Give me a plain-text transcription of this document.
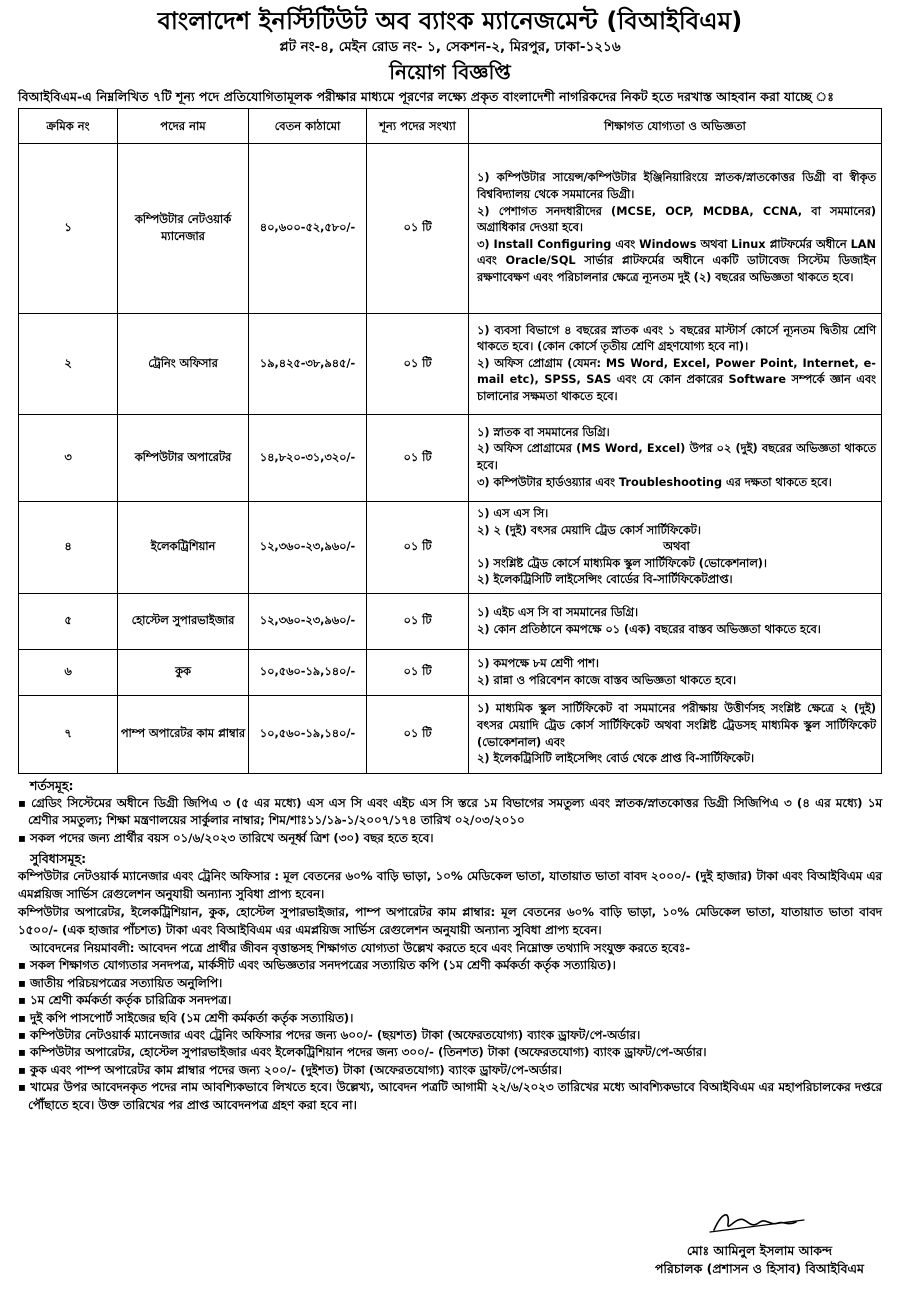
বাংলাদেশ ইনস্টিটিউট অব ব্যাংক ম্যানেজমেন্ট (বিআইবিএম)
প্লট নং-৪, মেইন রোড নং- ১, সেকশন-২, মিরপুর, ঢাকা-১২১৬
নিয়োগ বিজ্ঞপ্তি
বিআইবিএম-এ নিম্নলিখিত ৭টি শূন্য পদে প্রতিযোগিতামূলক পরীক্ষার মাধ্যমে পূরণের লক্ষ্যে প্রকৃত বাংলাদেশী নাগরিকদের নিকট হতে দরখাস্ত আহবান করা যাচ্ছে ঃ
ক্রমিক নং	পদের নাম	বেতন কাঠামো	শূন্য পদের সংখ্যা	শিক্ষাগত যোগ্যতা ও অভিজ্ঞতা
১	কম্পিউটার নেটওয়ার্ক ম্যানেজার	৪০,৬০০-৫২,৫৮০/-	০১ টি	১) কম্পিউটার সায়েন্স/কম্পিউটার ইঞ্জিনিয়ারিংয়ে স্নাতক/স্নাতকোত্তর ডিগ্রী বা স্বীকৃত বিশ্ববিদ্যালয় থেকে সমমানের ডিগ্রী।
২) পেশাগত সনদধারীদের (MCSE, OCP, MCDBA, CCNA, বা সমমানের) অগ্রাধিকার দেওয়া হবে।
৩) Install Configuring এবং Windows অথবা Linux প্লাটফর্মের অধীনে LAN এবং Oracle/SQL সার্ভার প্লাটফর্মের অধীনে একটি ডাটাবেজ সিস্টেম ডিজাইন রক্ষণাবেক্ষণ এবং পরিচালনার ক্ষেত্রে ন্যূনতম দুই (২) বছরের অভিজ্ঞতা থাকতে হবে।

২	ট্রেনিং অফিসার	১৯,৪২৫-৩৮,৯৪৫/-	০১ টি	১) ব্যবসা বিভাগে ৪ বছরের স্নাতক এবং ১ বছরের মাস্টার্স কোর্সে ন্যূনতম দ্বিতীয় শ্রেণি থাকতে হবে। (কোন কোর্সে তৃতীয় শ্রেণি গ্রহণযোগ্য হবে না)।
২) অফিস প্রোগ্রাম (যেমন: MS Word, Excel, Power Point, Internet, e-mail etc), SPSS, SAS এবং যে কোন প্রকারের Software সম্পর্কে জ্ঞান এবং চালানোর সক্ষমতা থাকতে হবে।

৩	কম্পিউটার অপারেটর	১৪,৮২০-৩১,৩২০/-	০১ টি	১) স্নাতক বা সমমানের ডিগ্রি।
২) অফিস প্রোগ্রামের (MS Word, Excel) উপর ০২ (দুই) বছরের অভিজ্ঞতা থাকতে হবে।
৩) কম্পিউটার হার্ডওয়্যার এবং Troubleshooting এর দক্ষতা থাকতে হবে।

৪	ইলেকট্রিশিয়ান	১২,৩৬০-২৩,৯৬০/-	০১ টি	১) এস এস সি।
২) ২ (দুই) বৎসর মেয়াদি ট্রেড কোর্স সার্টিফিকেট।
অথবা
১) সংশ্লিষ্ট ট্রেড কোর্সে মাধ্যমিক স্কুল সার্টিফিকেট (ভোকেশনাল)।
২) ইলেকট্রিসিটি লাইসেন্সিং বোর্ডের বি-সার্টিফিকেটপ্রাপ্ত।

৫	হোস্টেল সুপারভাইজার	১২,৩৬০-২৩,৯৬০/-	০১ টি	১) এইচ এস সি বা সমমানের ডিগ্রি।
২) কোন প্রতিষ্ঠানে কমপক্ষে ০১ (এক) বছরের বাস্তব অভিজ্ঞতা থাকতে হবে।

৬	কুক	১০,৫৬০-১৯,১৪০/-	০১ টি	১) কমপক্ষে ৮ম শ্রেণী পাশ।
২) রান্না ও পরিবেশন কাজে বাস্তব অভিজ্ঞতা থাকতে হবে।

৭	পাম্প অপারেটর কাম প্লাম্বার	১০,৫৬০-১৯,১৪০/-	০১ টি	১) মাধ্যমিক স্কুল সার্টিফিকেট বা সমমানের পরীক্ষায় উত্তীর্ণসহ সংশ্লিষ্ট ক্ষেত্রে ২ (দুই) বৎসর মেয়াদি ট্রেড কোর্স সার্টিফিকেট অথবা সংশ্লিষ্ট ট্রেডসহ মাধ্যমিক স্কুল সার্টিফিকেট (ভোকেশনাল) এবং
২) ইলেকট্রিসিটি লাইসেন্সিং বোর্ড থেকে প্রাপ্ত বি-সার্টিফিকেট।
শর্তসমূহ:
▪ গ্রেডিং সিস্টেমের অধীনে ডিগ্রী জিপিএ ৩ (৫ এর মধ্যে) এস এস সি এবং এইচ এস সি স্তরে ১ম বিভাগের সমতুল্য এবং স্নাতক/স্নাতকোত্তর ডিগ্রী সিজিপিএ ৩ (৪ এর মধ্যে) ১ম শ্রেণীর সমতুল্য; শিক্ষা মন্ত্রণালয়ের সার্কুলার নাম্বার; শিম/শাঃ১১/১৯-১/২০০৭/১৭৪ তারিখ ০২/০৩/২০১০
▪ সকল পদের জন্য প্রার্থীর বয়স ০১/৬/২০২৩ তারিখে অনূর্ধ্ব ত্রিশ (৩০) বছর হতে হবে।
সুবিধাসমূহ:
কম্পিউটার নেটওয়ার্ক ম্যানেজার এবং ট্রেনিং অফিসার : মূল বেতনের ৬০% বাড়ি ভাড়া, ১০% মেডিকেল ভাতা, যাতায়াত ভাতা বাবদ ২০০০/- (দুই হাজার) টাকা এবং বিআইবিএম এর এমপ্লয়িজ সার্ভিস রেগুলেশন অনুযায়ী অন্যান্য সুবিধা প্রাপ্য হবেন।
কম্পিউটার অপারেটর, ইলেকট্রিশিয়ান, কুক, হোস্টেল সুপারভাইজার, পাম্প অপারেটর কাম প্লাম্বার: মূল বেতনের ৬০% বাড়ি ভাড়া, ১০% মেডিকেল ভাতা, যাতায়াত ভাতা বাবদ ১৫০০/- (এক হাজার পাঁচশত) টাকা এবং বিআইবিএম এর এমপ্লয়িজ সার্ভিস রেগুলেশন অনুযায়ী অন্যান্য সুবিধা প্রাপ্য হবেন।
আবেদনের নিয়মাবলী: আবেদন পত্রে প্রার্থীর জীবন বৃত্তান্তসহ শিক্ষাগত যোগ্যতা উল্লেখ করতে হবে এবং নিম্নোক্ত তথ্যাদি সংযুক্ত করতে হবেঃ-
▪ সকল শিক্ষাগত যোগ্যতার সনদপত্র, মার্কসীট এবং অভিজ্ঞতার সনদপত্রের সত্যায়িত কপি (১ম শ্রেণী কর্মকর্তা কর্তৃক সত্যায়িত)।
▪ জাতীয় পরিচয়পত্রের সত্যায়িত অনুলিপি।
▪ ১ম শ্রেণী কর্মকর্তা কর্তৃক চারিত্রিক সনদপত্র।
▪ দুই কপি পাসপোর্ট সাইজের ছবি (১ম শ্রেণী কর্মকর্তা কর্তৃক সত্যায়িত)।
▪ কম্পিউটার নেটওয়ার্ক ম্যানেজার এবং ট্রেনিং অফিসার পদের জন্য ৬০০/- (ছয়শত) টাকা (অফেরতযোগ্য) ব্যাংক ড্রাফট/পে-অর্ডার।
▪ কম্পিউটার অপারেটর, হোস্টেল সুপারভাইজার এবং ইলেকট্রিশিয়ান পদের জন্য ৩০০/- (তিনশত) টাকা (অফেরতযোগ্য) ব্যাংক ড্রাফট/পে-অর্ডার।
▪ কুক এবং পাম্প অপারেটর কাম প্লাম্বার পদের জন্য ২০০/- (দুইশত) টাকা (অফেরতযোগ্য) ব্যাংক ড্রাফট/পে-অর্ডার।
▪ খামের উপর আবেদনকৃত পদের নাম আবশ্যিকভাবে লিখতে হবে। উল্লেখ্য, আবেদন পত্রটি আগামী ২২/৬/২০২৩ তারিখের মধ্যে আবশ্যিকভাবে বিআইবিএম এর মহাপরিচালকের দপ্তরে পৌঁছাতে হবে। উক্ত তারিখের পর প্রাপ্ত আবেদনপত্র গ্রহণ করা হবে না।
মোঃ আমিনুল ইসলাম আকন্দ
পরিচালক (প্রশাসন ও হিসাব) বিআইবিএম
